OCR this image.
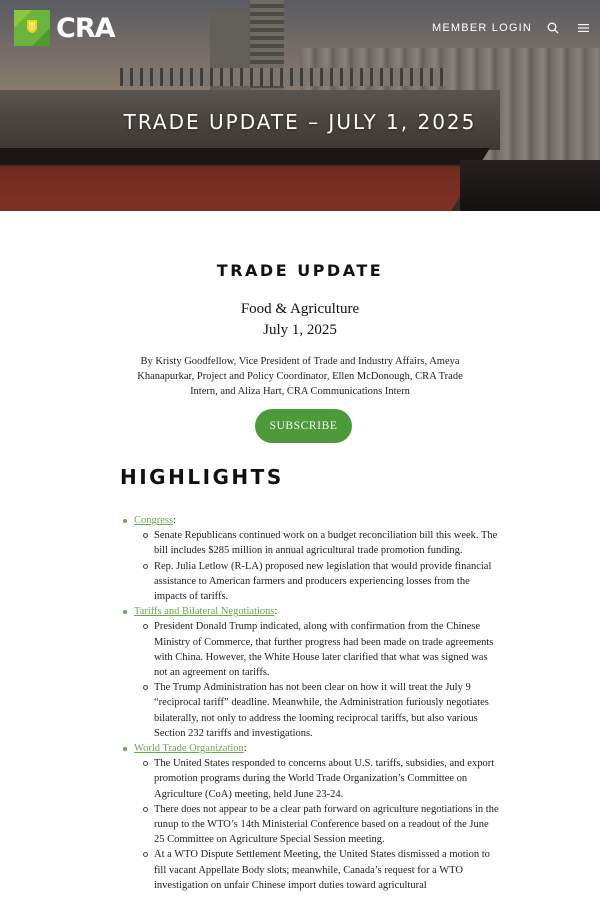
CRA	MEMBER LOGIN
TRADE UPDATE – JULY 1, 2025
TRADE UPDATE
Food & Agriculture
July 1, 2025
By Kristy Goodfellow, Vice President of Trade and Industry Affairs, Ameya Khanapurkar, Project and Policy Coordinator, Ellen McDonough, CRA Trade Intern, and Aliza Hart, CRA Communications Intern
SUBSCRIBE
HIGHLIGHTS
Congress:
Senate Republicans continued work on a budget reconciliation bill this week. The bill includes $285 million in annual agricultural trade promotion funding.
Rep. Julia Letlow (R-LA) proposed new legislation that would provide financial assistance to American farmers and producers experiencing losses from the impacts of tariffs.
Tariffs and Bilateral Negotiations:
President Donald Trump indicated, along with confirmation from the Chinese Ministry of Commerce, that further progress had been made on trade agreements with China. However, the White House later clarified that what was signed was not an agreement on tariffs.
The Trump Administration has not been clear on how it will treat the July 9 “reciprocal tariff” deadline. Meanwhile, the Administration furiously negotiates bilaterally, not only to address the looming reciprocal tariffs, but also various Section 232 tariffs and investigations.
World Trade Organization:
The United States responded to concerns about U.S. tariffs, subsidies, and export promotion programs during the World Trade Organization’s Committee on Agriculture (CoA) meeting, held June 23-24.
There does not appear to be a clear path forward on agriculture negotiations in the runup to the WTO’s 14th Ministerial Conference based on a readout of the June 25 Committee on Agriculture Special Session meeting.
At a WTO Dispute Settlement Meeting, the United States dismissed a motion to fill vacant Appellate Body slots; meanwhile, Canada’s request for a WTO investigation on unfair Chinese import duties toward agricultural
